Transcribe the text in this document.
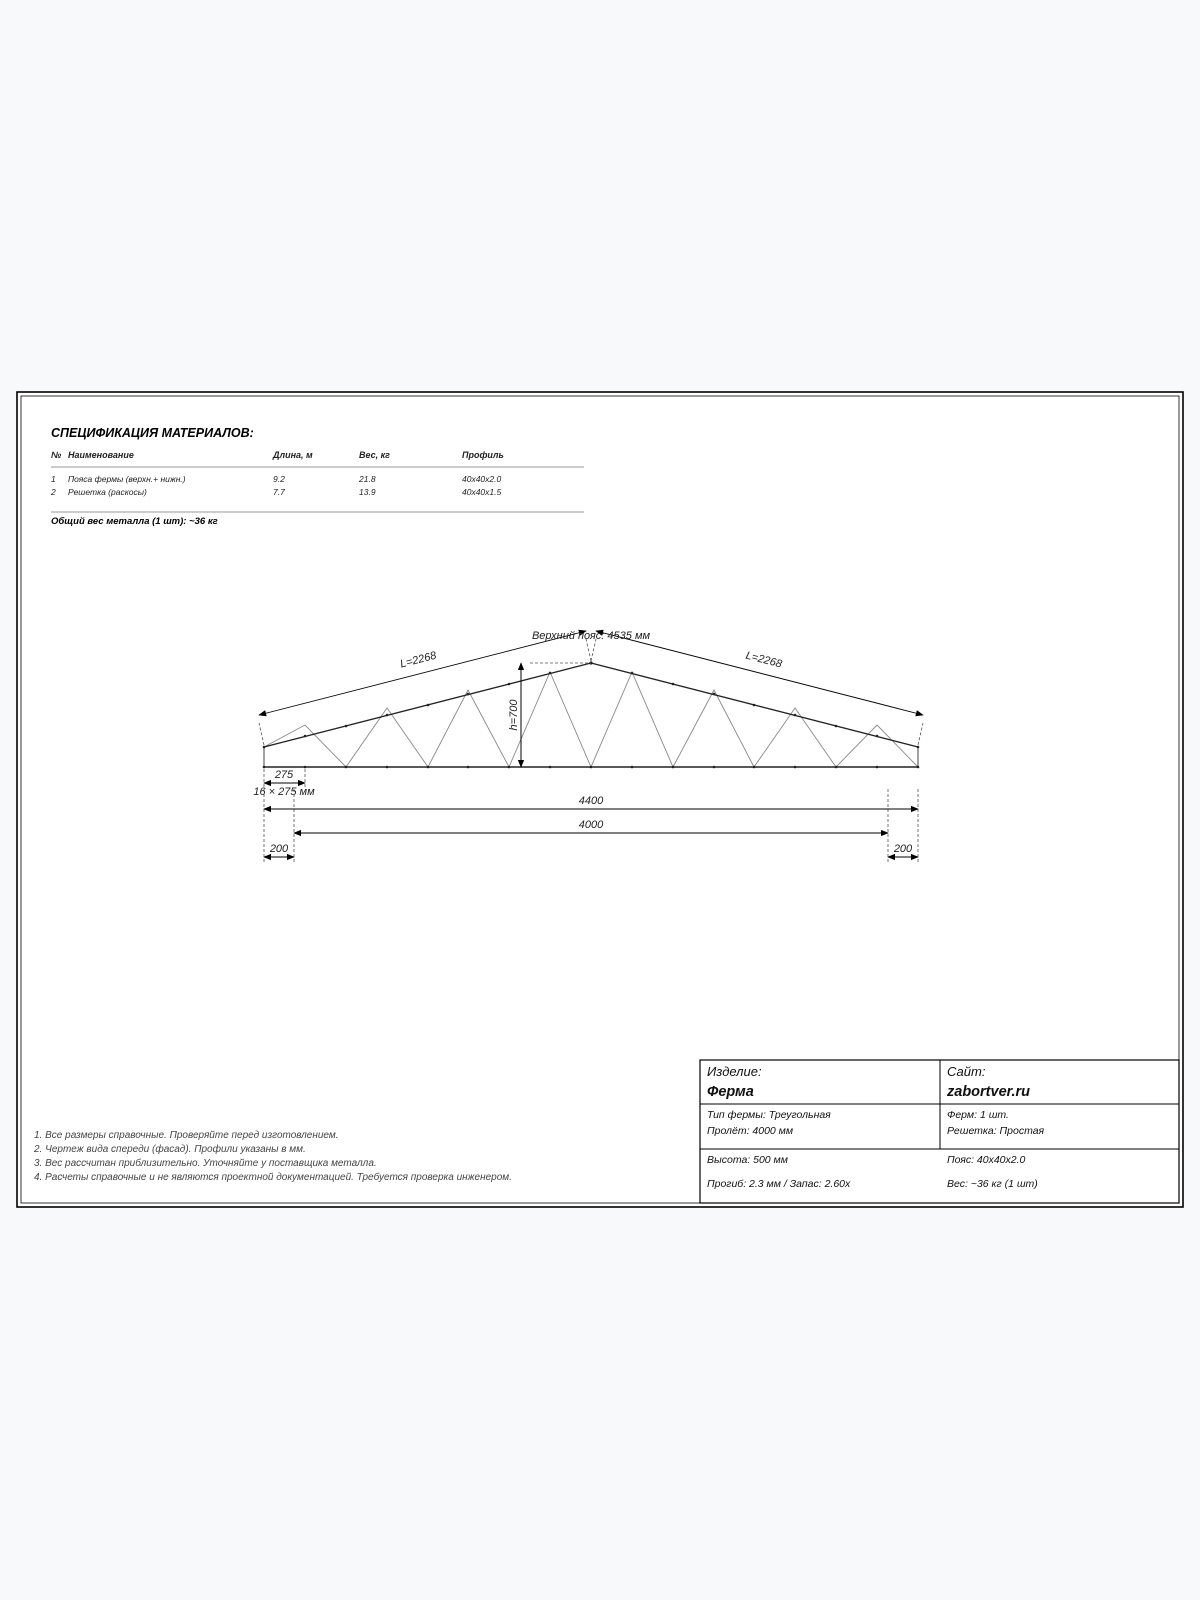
СПЕЦИФИКАЦИЯ МАТЕРИАЛОВ:
№ Наименование	Длина, м	Вес, кг	Профиль
1 Пояса фермы (верхн.+ нижн.)	9.2	21.8	40x40x2.0
2 Решетка (раскосы)	7.7	13.9	40x40x1.5
Общий вес металла (1 шт): ~36 кг
L=2268	L=2268
Верхний пояс: 4535 мм
h=700
275
16 × 275 мм
4400
4000
200	200
1. Все размеры справочные. Проверяйте перед изготовлением.
2. Чертеж вида спереди (фасад). Профили указаны в мм.
3. Вес рассчитан приблизительно. Уточняйте у поставщика металла.
4. Расчеты справочные и не являются проектной документацией. Требуется проверка инженером.
Изделие:
Ферма
Сайт:
zabortver.ru
Тип фермы: Треугольная
Пролёт: 4000 мм
Ферм: 1 шт.
Решетка: Простая
Высота: 500 мм	Пояс: 40x40x2.0
Прогиб: 2.3 мм / Запас: 2.60x	Вес: ~36 кг (1 шт)
